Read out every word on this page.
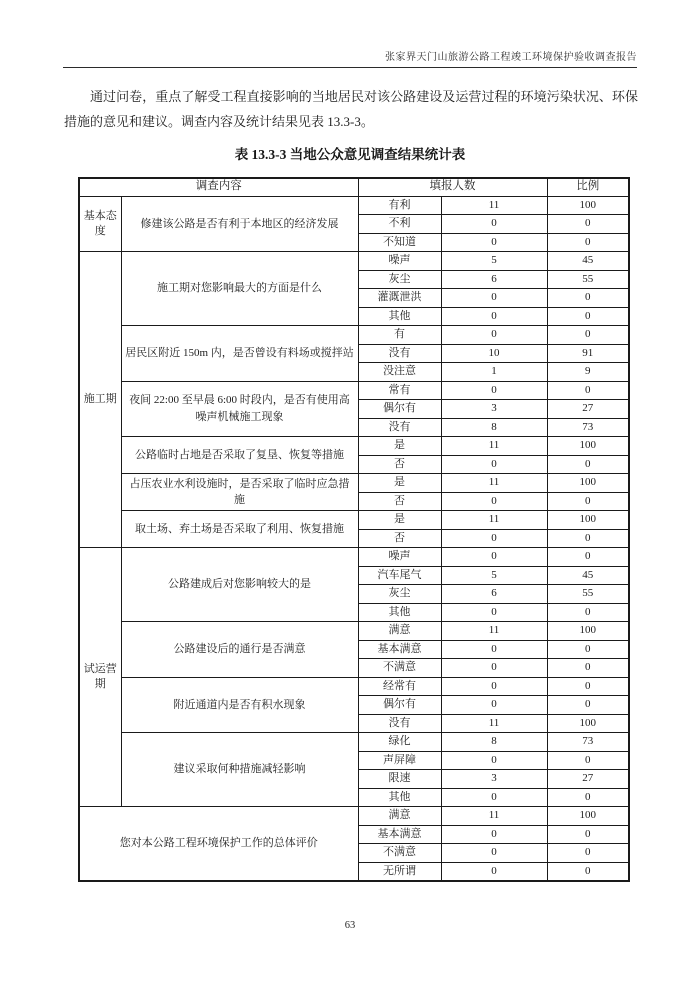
张家界天门山旅游公路工程竣工环境保护验收调查报告

通过问卷，重点了解受工程直接影响的当地居民对该公路建设及运营过程的环境污染状况、环保措施的意见和建议。调查内容及统计结果见表 13.3-3。

表 13.3-3 当地公众意见调查结果统计表
调查内容		填报人数		比例
基本态度	修建该公路是否有利于本地区的经济发展	有利	11	100
		不利	0	0
		不知道	0	0
施工期	施工期对您影响最大的方面是什么	噪声	5	45
		灰尘	6	55
		灌溉泄洪	0	0
		其他	0	0
	居民区附近 150m 内，是否曾设有料场或搅拌站	有	0	0
		没有	10	91
		没注意	1	9
	夜间 22:00 至早晨 6:00 时段内，是否有使用高噪声机械施工现象	常有	0	0
		偶尔有	3	27
		没有	8	73
	公路临时占地是否采取了复垦、恢复等措施	是	11	100
		否	0	0
	占压农业水利设施时，是否采取了临时应急措施	是	11	100
		否	0	0
	取土场、弃土场是否采取了利用、恢复措施	是	11	100
		否	0	0
试运营期	公路建成后对您影响较大的是	噪声	0	0
		汽车尾气	5	45
		灰尘	6	55
		其他	0	0
	公路建设后的通行是否满意	满意	11	100
		基本满意	0	0
		不满意	0	0
	附近通道内是否有积水现象	经常有	0	0
		偶尔有	0	0
		没有	11	100
	建议采取何种措施减轻影响	绿化	8	73
		声屏障	0	0
		限速	3	27
		其他	0	0
您对本公路工程环境保护工作的总体评价		满意	11	100
		基本满意	0	0
		不满意	0	0
		无所谓	0	0
63
